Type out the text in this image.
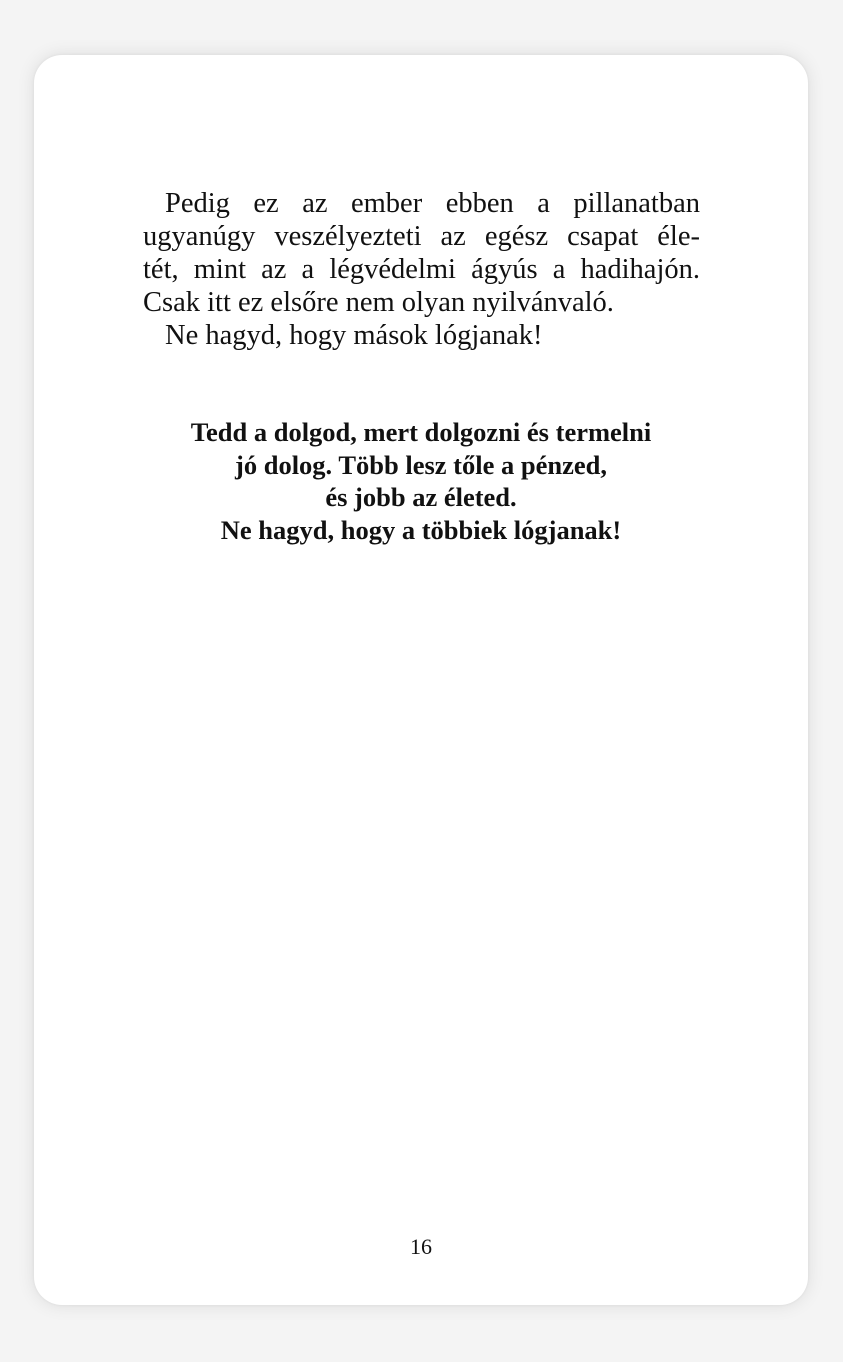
Pedig ez az ember ebben a pillanatban
ugyanúgy veszélyezteti az egész csapat éle-
tét, mint az a légvédelmi ágyús a hadihajón.
Csak itt ez elsőre nem olyan nyilvánvaló.
Ne hagyd, hogy mások lógjanak!
Tedd a dolgod, mert dolgozni és termelni
jó dolog. Több lesz tőle a pénzed,
és jobb az életed.
Ne hagyd, hogy a többiek lógjanak!
16
